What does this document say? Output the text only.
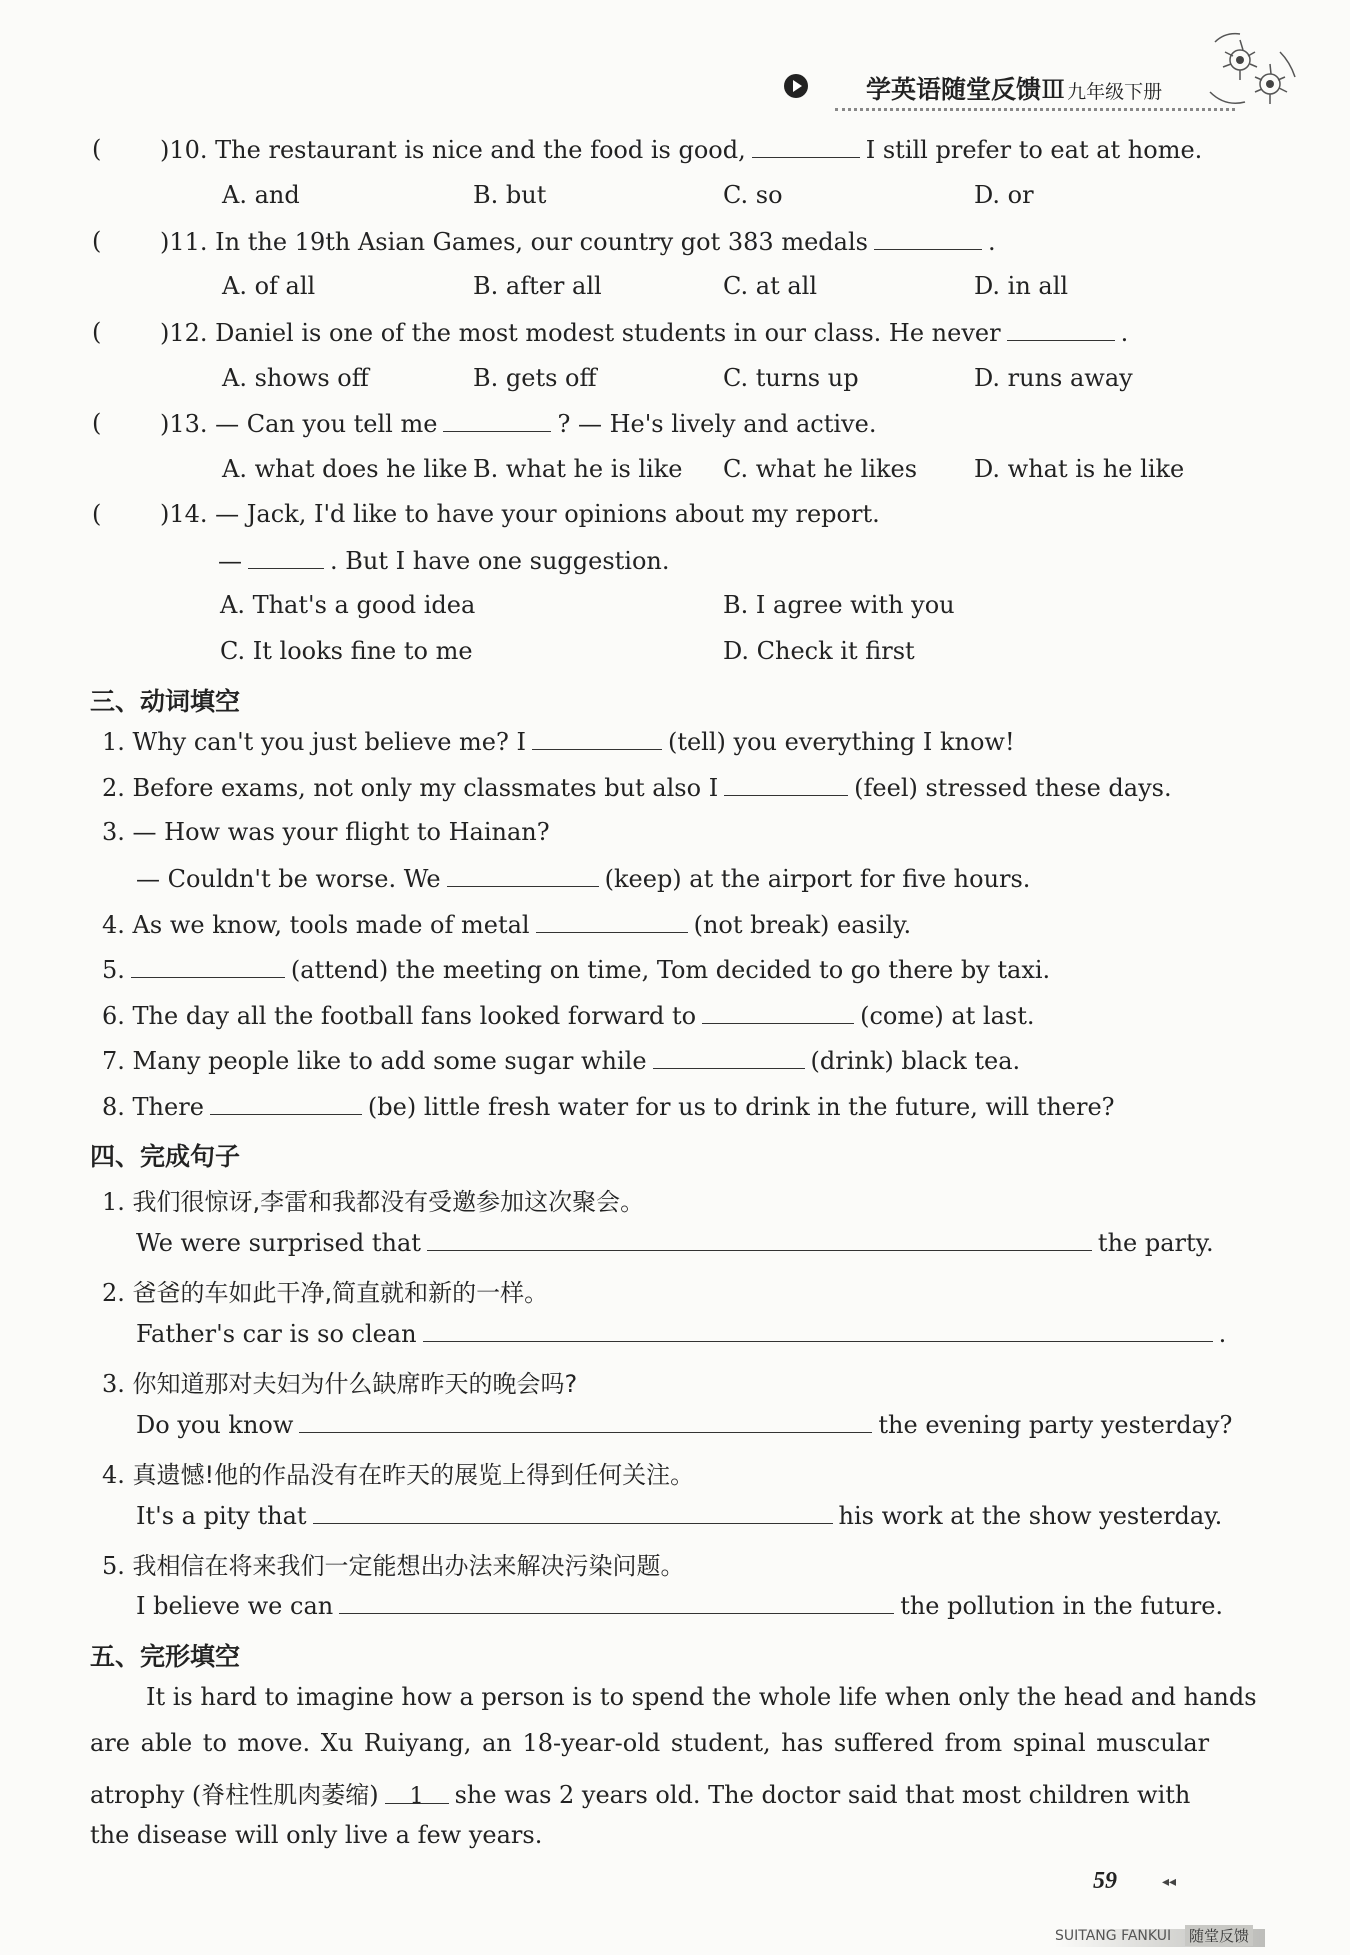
学英语随堂反馈Ⅲ 九年级下册
( )10. The restaurant is nice and the food is good,	I still prefer to eat at home.
A. and	B. but	C. so	D. or
( )11. In the 19th Asian Games, our country got 383 medals	.
A. of all	B. after all	C. at all	D. in all
( )12. Daniel is one of the most modest students in our class. He never	.
A. shows off	B. gets off	C. turns up	D. runs away
( )13. — Can you tell me	? — He's lively and active.
A. what does he like B. what he is like C. what he likes D. what is he like
( )14. — Jack, I'd like to have your opinions about my report.
—	. But I have one suggestion.
A. That's a good idea	B. I agree with you
C. It looks fine to me	D. Check it first
三、动词填空
1. Why can't you just believe me? I	(tell) you everything I know!
2. Before exams, not only my classmates but also I	(feel) stressed these days.
3. — How was your flight to Hainan?
— Couldn't be worse. We	(keep) at the airport for five hours.
4. As we know, tools made of metal	(not break) easily.
5.	(attend) the meeting on time, Tom decided to go there by taxi.
6. The day all the football fans looked forward to	(come) at last.
7. Many people like to add some sugar while	(drink) black tea.
8. There	(be) little fresh water for us to drink in the future, will there?
四、完成句子
1. 我们很惊讶,李雷和我都没有受邀参加这次聚会。
We were surprised that	the party.
2. 爸爸的车如此干净,简直就和新的一样。
Father's car is so clean	.
3. 你知道那对夫妇为什么缺席昨天的晚会吗?
Do you know	the evening party yesterday?
4. 真遗憾!他的作品没有在昨天的展览上得到任何关注。
It's a pity that	his work at the show yesterday.
5. 我相信在将来我们一定能想出办法来解决污染问题。
I believe we can	the pollution in the future.
五、完形填空
It is hard to imagine how a person is to spend the whole life when only the head and hands
are able to move. Xu Ruiyang, an 18-year-old student, has suffered from spinal muscular
atrophy (脊柱性肌肉萎缩) 1 she was 2 years old. The doctor said that most children with
the disease will only live a few years.
59	◂◂
SUITANG FANKUI 随堂反馈
